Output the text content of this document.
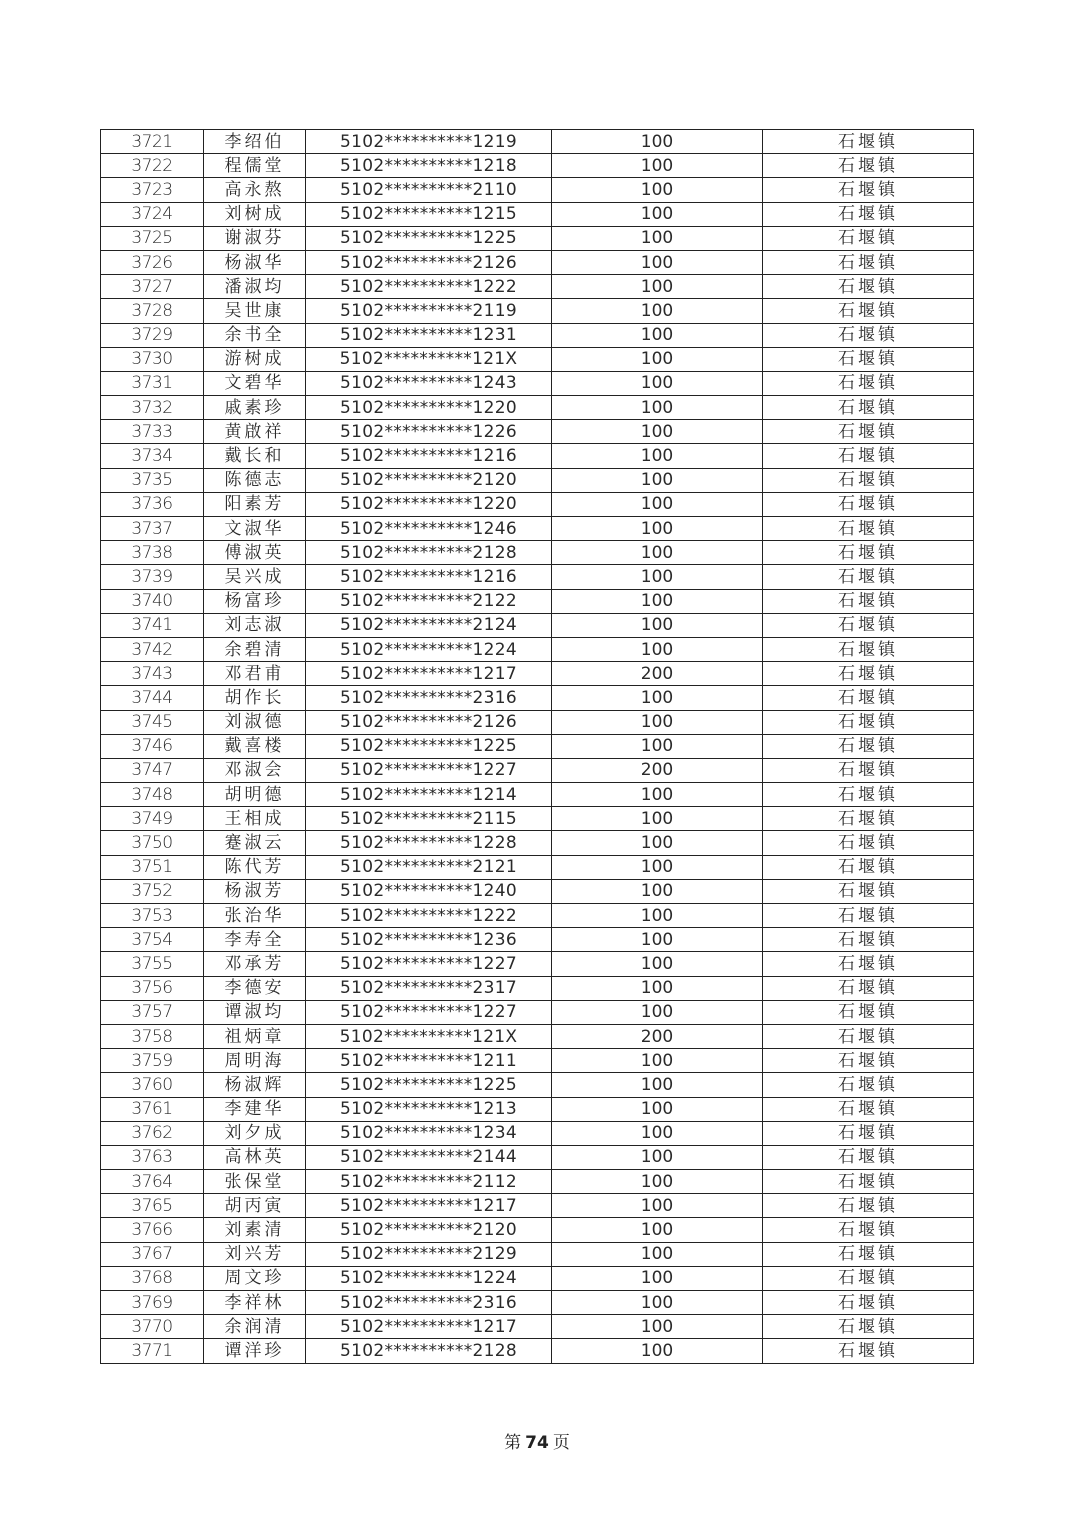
3721	李绍伯	5102**********1219	100	石堰镇
3722	程儒堂	5102**********1218	100	石堰镇
3723	高永熬	5102**********2110	100	石堰镇
3724	刘树成	5102**********1215	100	石堰镇
3725	谢淑芬	5102**********1225	100	石堰镇
3726	杨淑华	5102**********2126	100	石堰镇
3727	潘淑均	5102**********1222	100	石堰镇
3728	吴世康	5102**********2119	100	石堰镇
3729	余书全	5102**********1231	100	石堰镇
3730	游树成	5102**********121X	100	石堰镇
3731	文碧华	5102**********1243	100	石堰镇
3732	戚素珍	5102**********1220	100	石堰镇
3733	黄啟祥	5102**********1226	100	石堰镇
3734	戴长和	5102**********1216	100	石堰镇
3735	陈德志	5102**********2120	100	石堰镇
3736	阳素芳	5102**********1220	100	石堰镇
3737	文淑华	5102**********1246	100	石堰镇
3738	傅淑英	5102**********2128	100	石堰镇
3739	吴兴成	5102**********1216	100	石堰镇
3740	杨富珍	5102**********2122	100	石堰镇
3741	刘志淑	5102**********2124	100	石堰镇
3742	余碧清	5102**********1224	100	石堰镇
3743	邓君甫	5102**********1217	200	石堰镇
3744	胡作长	5102**********2316	100	石堰镇
3745	刘淑德	5102**********2126	100	石堰镇
3746	戴喜楼	5102**********1225	100	石堰镇
3747	邓淑会	5102**********1227	200	石堰镇
3748	胡明德	5102**********1214	100	石堰镇
3749	王相成	5102**********2115	100	石堰镇
3750	蹇淑云	5102**********1228	100	石堰镇
3751	陈代芳	5102**********2121	100	石堰镇
3752	杨淑芳	5102**********1240	100	石堰镇
3753	张治华	5102**********1222	100	石堰镇
3754	李寿全	5102**********1236	100	石堰镇
3755	邓承芳	5102**********1227	100	石堰镇
3756	李德安	5102**********2317	100	石堰镇
3757	谭淑均	5102**********1227	100	石堰镇
3758	祖炳章	5102**********121X	200	石堰镇
3759	周明海	5102**********1211	100	石堰镇
3760	杨淑辉	5102**********1225	100	石堰镇
3761	李建华	5102**********1213	100	石堰镇
3762	刘夕成	5102**********1234	100	石堰镇
3763	高林英	5102**********2144	100	石堰镇
3764	张保堂	5102**********2112	100	石堰镇
3765	胡丙寅	5102**********1217	100	石堰镇
3766	刘素清	5102**********2120	100	石堰镇
3767	刘兴芳	5102**********2129	100	石堰镇
3768	周文珍	5102**********1224	100	石堰镇
3769	李祥林	5102**********2316	100	石堰镇
3770	余润清	5102**********1217	100	石堰镇
3771	谭洋珍	5102**********2128	100	石堰镇
第 74 页
